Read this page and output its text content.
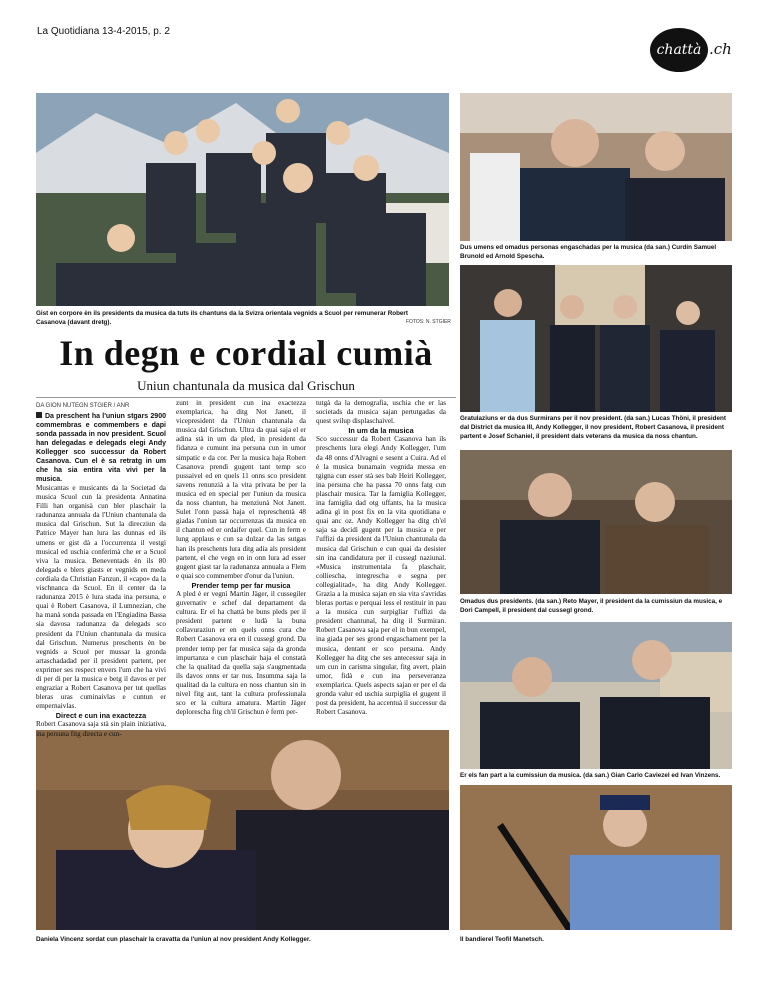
La Quotidiana 13-4-2015, p. 2
chattà .ch
Gist en corpore èn ils presidents da musica da tuts ils chantuns da la Svizra orientala vegnids a Scuol per remunerar Robert Casanova (davant dretg).	FOTOS: N. STGIER
Dus umens ed omadus personas engaschadas per la musica (da san.) Curdin Samuel Brunold ed Arnold Spescha.
Gratulaziuns er da dus Surmirans per il nov president. (da san.) Lucas Thöni, il president dal District da musica III, Andy Kollegger, il nov president, Robert Casanova, il president partent e Josef Schaniel, il president dals veterans da musica da noss chantun.
Omadus dus presidents. (da san.) Reto Mayer, il president da la cumissiun da musica, e Dori Campell, il president dal cussegl grond.
Er els fan part a la cumissiun da musica. (da san.) Gian Carlo Caviezel ed Ivan Vinzens.
Daniela Vincenz sordat cun plaschair la cravatta da l'uniun al nov president Andy Kollegger.	Il bandierel Teofil Manetsch.
In degn e cordial cumià
Uniun chantunala da musica dal Grischun
DA GION NUTEGN STGIER / ANR

Da preschent ha l'uniun stgars 2900 commembras e commembers e dapi sonda passada in nov president. Scuol han delegadas e delegads elegi Andy Kollegger sco successur da Robert Casanova. Cun el è sa retratg in um che ha sia entira vita vivi per la musica.

Musicantas e musicants da la Societad da musica Scuol cun la presidenta Annatina Filli han organisà cun bler plaschair la radunanza annuala da l'Uniun chantunala da musica dal Grischun. Sut la direcziun da Patrice Mayer han lura las dunnas ed ils umens er gist dà a l'occurrenza il vestgì musical ed uschia conferimà che er a Scuol viva la musica. Beneventads èn ils 80 delegads e blers giasts er vegnids en meda cordiala da Christian Fanzun, il «capo» da la vischnanca da Scuol. En il center da la radunanza 2015 è lura stada ina persuna, e quai è Robert Casanova, il Lumnezian, che ha manà sonda passada en l'Engiadina Bassa sia davosa radunanza da delegads sco president da l'Uniun chantunala da musica dal Grischun. Numerus preschents èn be vegnids a Scuol per mussar la gronda artaschadadad per il president partent, per exprimer ses respect envers l'um che ha vivì di per di per la musica e betg il davos er per engraziar a Robert Casanova per tut quellas bleras uras cuminaivlas e cuntun er empernaivlas.

Direct e cun ina exactezza

Robert Casanova saja stà sin plain iniziativa, ina persuna fitg directa e cun-

zunt in president cun ina exactezza exemplarica, ha ditg Not Janett, il vicepresident da l'Uniun chantunala da musica dal Grischun. Ultra da quai saja el er adina stà in um da pled, in president da fidanza e cumunt ina persuna cun in umor simpatic e da cor. Per la musica haja Robert Casanova prendì gugent tant temp sco pussaivel ed en quels 11 onns sco president savens renunzià a la vita privata be per la musica ed en special per l'uniun da musica da noss chantun, ha menziunà Not Janett. Sulet l'onn passà haja el represchentà 48 giadas l'uniun tar occurrenzas da musica en il chantun ed er ordaifer quel. Cun in ferm e lung applaus e cun sa dulzar da las sutgas han ils preschents lura ditg adia als president partent, el che vegn en in onn lura ad esser gugent giast tar la radunanza annuala a Flem e quai sco commember d'onur da l'uniun.

Prender temp per far musica

A pled è er vegnì Martin Jäger, il cussegiler guvernativ e schef dal departament da cultura. Er el ha chattà be buns pleds per il president partent e ludà la buna collavuraziun er en quels onns cura che Robert Casanova era en il cussegl grond. Da prender temp per far musica saja da gronda impurtanza e cun plaschair haja el constatà che la qualitad da quella saja s'augmentada ils davos onns er tar nus. Insumma saja la qualitad da la cultura en noss chantun sin in nivel fitg aut, tant la cultura professiunala sco er la cultura amatura. Martin Jäger deploreschа fitg ch'il Grischun è ferm per-

tutgà da la demografia, uschia che er las societads da musica sajan pertutgadas da quest svilup displaschaivel.

In um da la musica

Sco successur da Robert Casanova han ils preschents lura elegì Andy Kollegger, l'um da 48 onns d'Alvagni e sesent a Cuira. Ad el è la musica bunamain vegnida messa en tgigna cun esser stà ses bab Heiri Kollegger, ina persuna che ha passa 70 onns fatg cun plaschair musica. Tar la famiglia Kollegger, ina famiglia dad otg uffants, ha la musica adina gì in post fix en la vita quotidiana e quai anc oz. Andy Kollegger ha ditg ch'el saja sa decidì gugent per la musica e per l'uffizi da president da l'Uniun chantunala da musica dal Grischun e cun quai da desister sin ina candidatura per il cussegl naziunal. «Musica instrumentala fa plaschair, colliescha, integrescha e segna per collegialitad», ha ditg Andy Kollegger. Grazia a la musica sajan en sia vita s'avridas bleras portas e perquai less el restituir in pau a la musica cun surpigliar l'uffizi da president chantunal, ha ditg il Surmiran. Robert Casanova saja per el in bun exempel, ina giada per ses grond engaschament per la musica, dentant er sco persuna. Andy Kollegger ha ditg che ses antecessur saja in um cun in carisma singular, fitg avert, plain umor, fidà e cun ina perseveranza exemplarica. Quels aspects sajan er per el da gronda valur ed uschia surpiglia el gugent il post da president, ha accentuà il successur da Robert Casanova.
